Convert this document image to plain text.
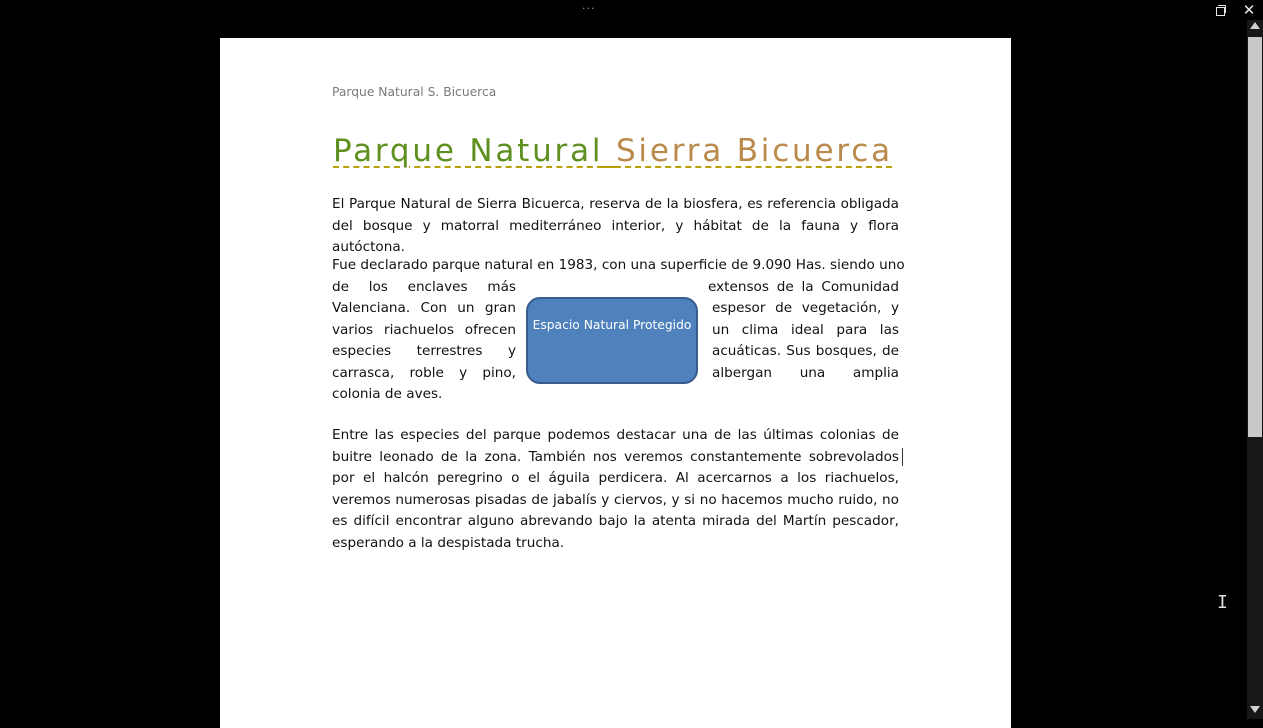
···	✕
Parque Natural S. Bicuerca
Parque Natural Sierra Bicuerca
El Parque Natural de Sierra Bicuerca, reserva de la biosfera, es referencia obligada del bosque y matorral mediterráneo interior, y hábitat de la fauna y flora autóctona.
Fue declarado parque natural en 1983, con una superficie de 9.090 Has. siendo uno
de los enclaves más	extensos de la Comunidad
Valenciana. Con un gran	espesor de vegetación, y
varios riachuelos ofrecen	un clima ideal para las
especies terrestres y	acuáticas. Sus bosques, de
carrasca, roble y pino,	albergan una amplia
colonia de aves.
Espacio Natural Protegido
Entre las especies del parque podemos destacar una de las últimas colonias de buitre leonado de la zona. También nos veremos constantemente sobrevolados por el halcón peregrino o el águila perdicera. Al acercarnos a los riachuelos, veremos numerosas pisadas de jabalís y ciervos, y si no hacemos mucho ruido, no es difícil encontrar alguno abrevando bajo la atenta mirada del Martín pescador, esperando a la despistada trucha.
I
